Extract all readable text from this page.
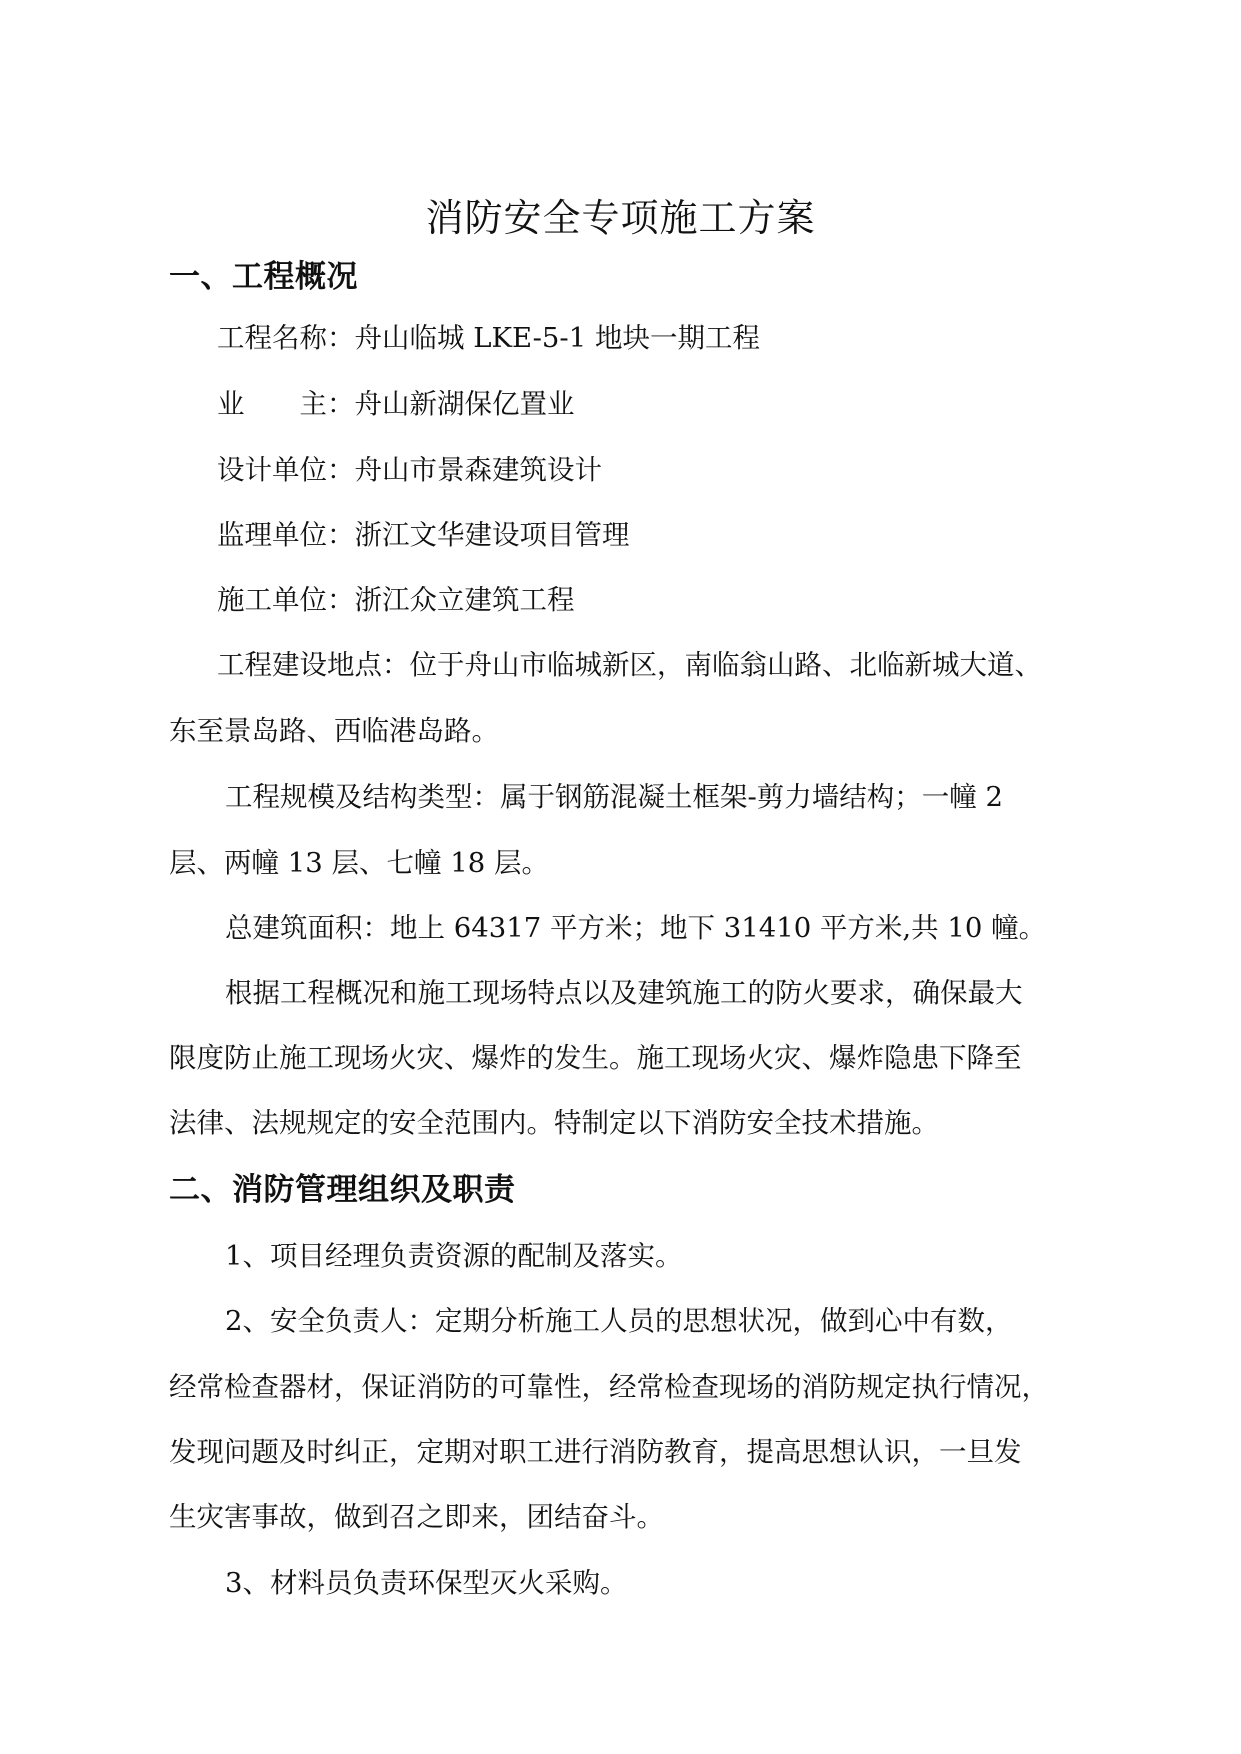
消防安全专项施工方案
一、工程概况
工程名称：舟山临城 LKE-5-1 地块一期工程
业　　主：舟山新湖保亿置业
设计单位：舟山市景森建筑设计
监理单位：浙江文华建设项目管理
施工单位：浙江众立建筑工程
工程建设地点：位于舟山市临城新区，南临翁山路、北临新城大道、
东至景岛路、西临港岛路。
工程规模及结构类型：属于钢筋混凝土框架-剪力墙结构；一幢 2
层、两幢 13 层、七幢 18 层。
总建筑面积：地上 64317 平方米；地下 31410 平方米,共 10 幢。
根据工程概况和施工现场特点以及建筑施工的防火要求，确保最大
限度防止施工现场火灾、爆炸的发生。施工现场火灾、爆炸隐患下降至
法律、法规规定的安全范围内。特制定以下消防安全技术措施。
二、消防管理组织及职责
1、项目经理负责资源的配制及落实。
2、安全负责人：定期分析施工人员的思想状况，做到心中有数，
经常检查器材，保证消防的可靠性，经常检查现场的消防规定执行情况，
发现问题及时纠正，定期对职工进行消防教育，提高思想认识，一旦发
生灾害事故，做到召之即来，团结奋斗。
3、材料员负责环保型灭火采购。
